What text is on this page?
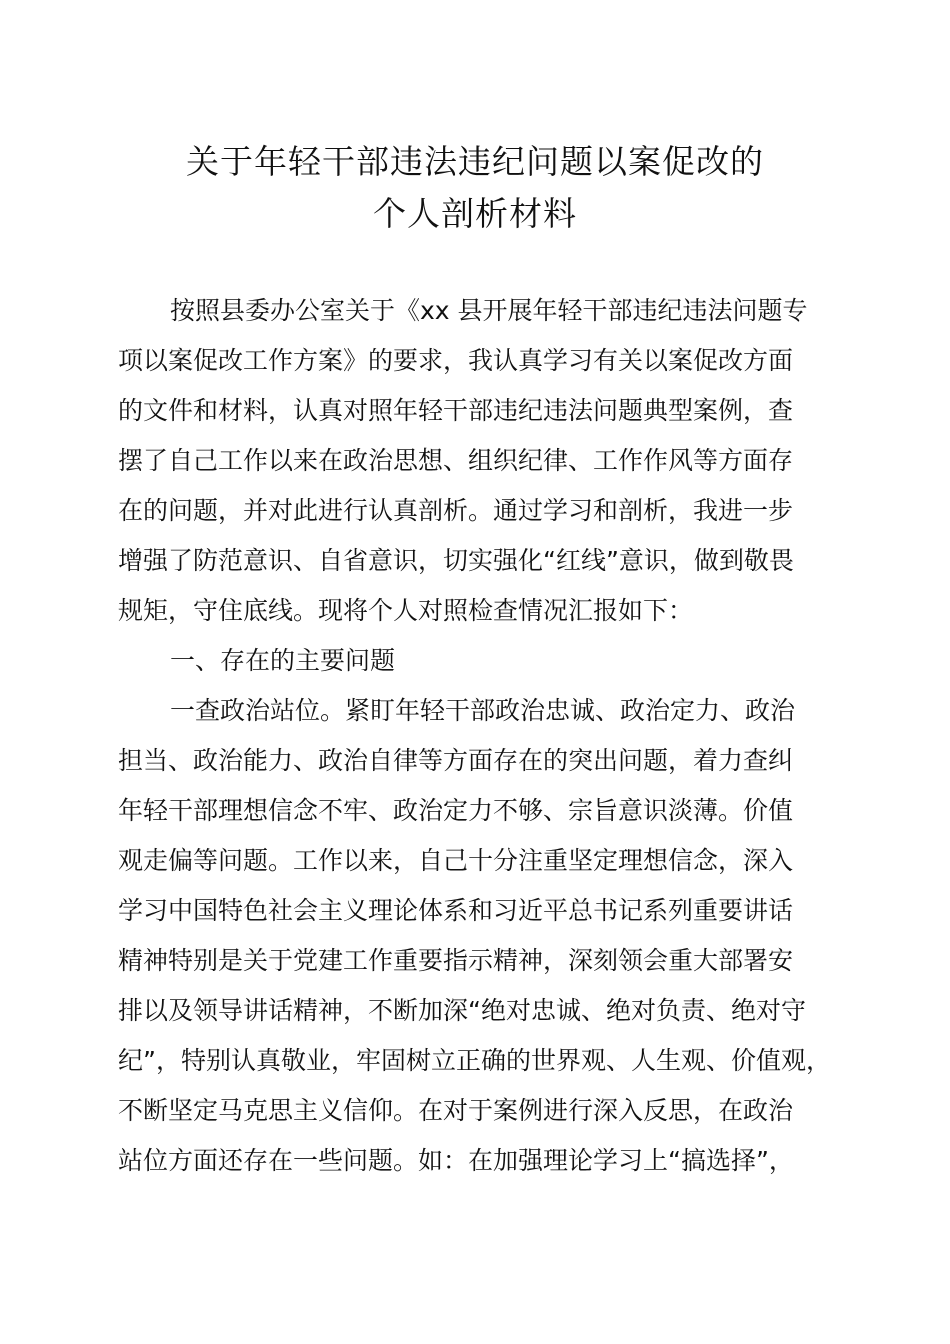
关于年轻干部违法违纪问题以案促改的
个人剖析材料

按照县委办公室关于《xx 县开展年轻干部违纪违法问题专

项以案促改工作方案》的要求，我认真学习有关以案促改方面

的文件和材料，认真对照年轻干部违纪违法问题典型案例，查

摆了自己工作以来在政治思想、组织纪律、工作作风等方面存

在的问题，并对此进行认真剖析。通过学习和剖析，我进一步

增强了防范意识、自省意识，切实强化“红线”意识，做到敬畏

规矩，守住底线。现将个人对照检查情况汇报如下：

一、存在的主要问题

一查政治站位。紧盯年轻干部政治忠诚、政治定力、政治

担当、政治能力、政治自律等方面存在的突出问题，着力查纠

年轻干部理想信念不牢、政治定力不够、宗旨意识淡薄。价值

观走偏等问题。工作以来，自己十分注重坚定理想信念，深入

学习中国特色社会主义理论体系和习近平总书记系列重要讲话

精神特别是关于党建工作重要指示精神，深刻领会重大部署安

排以及领导讲话精神，不断加深“绝对忠诚、绝对负责、绝对守

纪”，特别认真敬业，牢固树立正确的世界观、人生观、价值观，

不断坚定马克思主义信仰。在对于案例进行深入反思，在政治

站位方面还存在一些问题。如：在加强理论学习上“搞选择”，
